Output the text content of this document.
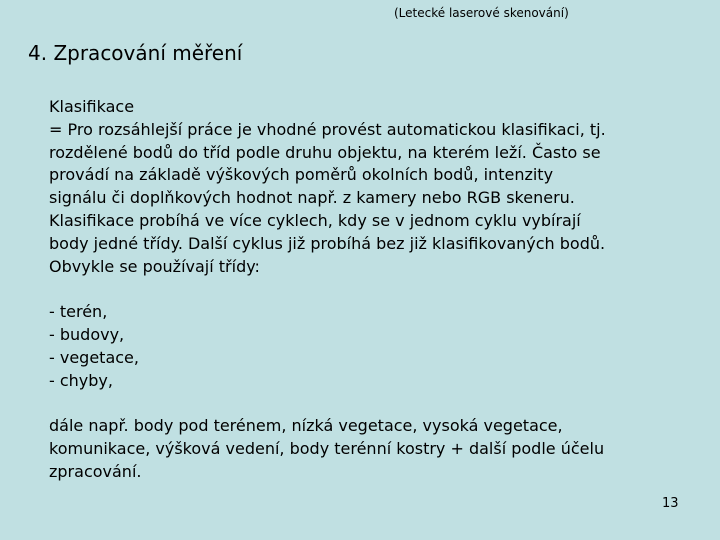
(Letecké laserové skenování)
4. Zpracování měření
Klasifikace
= Pro rozsáhlejší práce je vhodné provést automatickou klasifikaci, tj.
rozdělené bodů do tříd podle druhu objektu, na kterém leží. Často se
provádí na základě výškových poměrů okolních bodů, intenzity
signálu či doplňkových hodnot např. z kamery nebo RGB skeneru.
Klasifikace probíhá ve více cyklech, kdy se v jednom cyklu vybírají
body jedné třídy. Další cyklus již probíhá bez již klasifikovaných bodů.
Obvykle se používají třídy:
- terén,
- budovy,
- vegetace,
- chyby,
dále např. body pod terénem, nízká vegetace, vysoká vegetace,
komunikace, výšková vedení, body terénní kostry + další podle účelu
zpracování.
13
